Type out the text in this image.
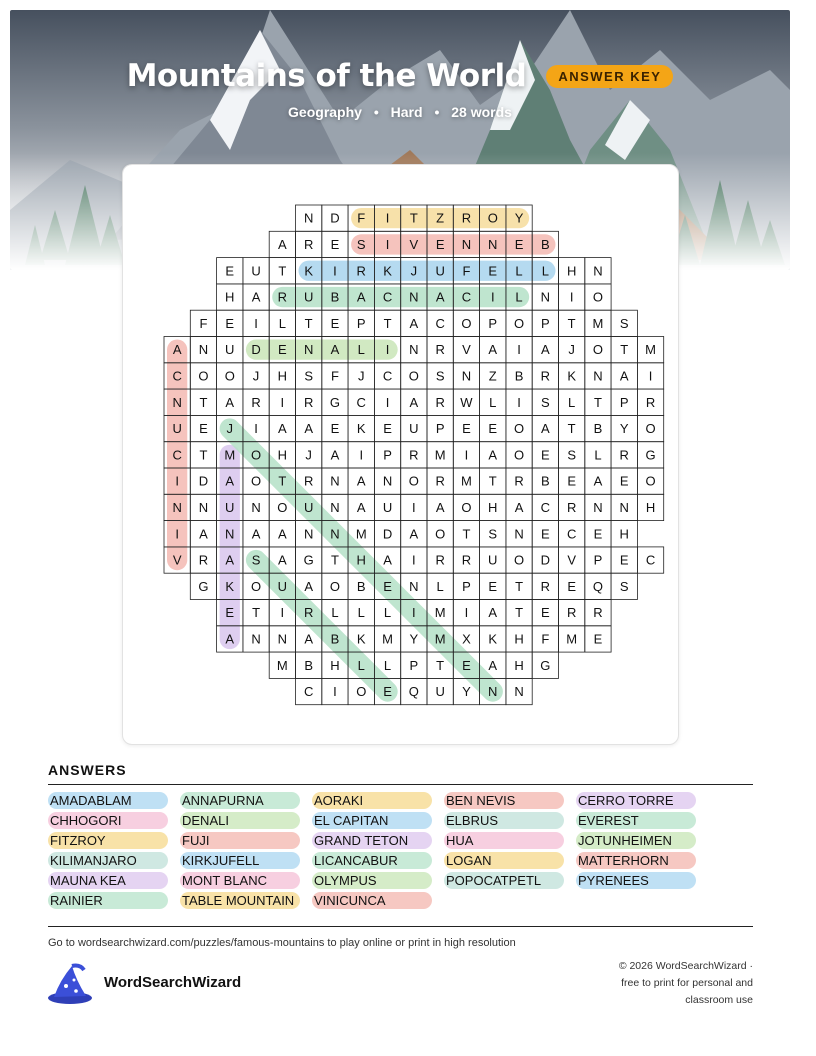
Mountains of the World	ANSWER KEY
Geography • Hard • 28 words
N D F I T Z R O Y
A R E S I V E N N E B
E U T K I R K J U F E L L H N
H A R U B A C N A C I L N I O
F E I L T E P T A C O P O P T M S
A N U D E N A L I N R V A I A J O T M
C O O J H S F J C O S N Z B R K N A I
N T A R I R G C I A R W L I S L T P R
U E J I A A E K E U P E E O A T B Y O
C T M O H J A I P R M I A O E S L R G
I D A O T R N A N O R M T R B E A E O
N N U N O U N A U I A O H A C R N N H
I A N A A N N M D A O T S N E C E H
V R A S A G T H A I R R U O D V P E C
G K O U A O B E N L P E T R E Q S
E T I R L L L I M I A T E R R
A N N A B K M Y M X K H F M E
M B H L L P T E A H G
C I O E Q U Y N N
ANSWERS
AMADABLAM	ANNAPURNA	AORAKI	BEN NEVIS	CERRO TORRE
CHHOGORI	DENALI	EL CAPITAN	ELBRUS	EVEREST
FITZROY	FUJI	GRAND TETON	HUA	JOTUNHEIMEN
KILIMANJARO	KIRKJUFELL	LICANCABUR	LOGAN	MATTERHORN
MAUNA KEA	MONT BLANC	OLYMPUS	POPOCATPETL	PYRENEES
RAINIER	TABLE MOUNTAIN	VINICUNCA
Go to wordsearchwizard.com/puzzles/famous-mountains to play online or print in high resolution
WordSearchWizard
© 2026 WordSearchWizard ·
free to print for personal and
classroom use
